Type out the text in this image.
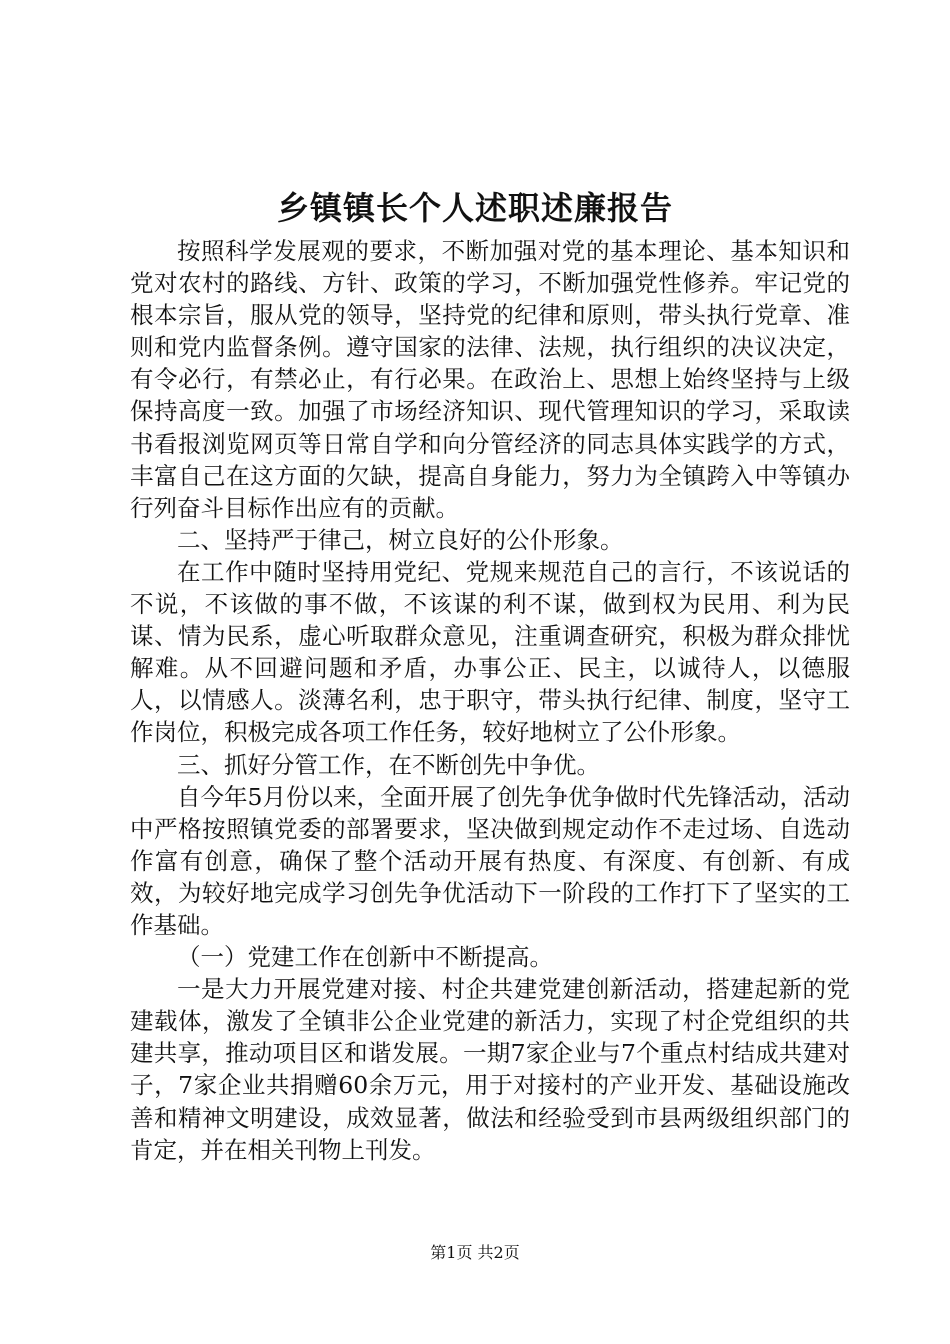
乡镇镇长个人述职述廉报告

按照科学发展观的要求，不断加强对党的基本理论、基本知识和党对农村的路线、方针、政策的学习，不断加强党性修养。牢记党的根本宗旨，服从党的领导，坚持党的纪律和原则，带头执行党章、准则和党内监督条例。遵守国家的法律、法规，执行组织的决议决定，有令必行，有禁必止，有行必果。在政治上、思想上始终坚持与上级保持高度一致。加强了市场经济知识、现代管理知识的学习，采取读书看报浏览网页等日常自学和向分管经济的同志具体实践学的方式，丰富自己在这方面的欠缺，提高自身能力，努力为全镇跨入中等镇办行列奋斗目标作出应有的贡献。

二、坚持严于律己，树立良好的公仆形象。

在工作中随时坚持用党纪、党规来规范自己的言行，不该说话的不说，不该做的事不做，不该谋的利不谋，做到权为民用、利为民谋、情为民系，虚心听取群众意见，注重调查研究，积极为群众排忧解难。从不回避问题和矛盾，办事公正、民主，以诚待人，以德服人，以情感人。淡薄名利，忠于职守，带头执行纪律、制度，坚守工作岗位，积极完成各项工作任务，较好地树立了公仆形象。

三、抓好分管工作，在不断创先中争优。

自今年5月份以来，全面开展了创先争优争做时代先锋活动，活动中严格按照镇党委的部署要求，坚决做到规定动作不走过场、自选动作富有创意，确保了整个活动开展有热度、有深度、有创新、有成效，为较好地完成学习创先争优活动下一阶段的工作打下了坚实的工作基础。

（一）党建工作在创新中不断提高。

一是大力开展党建对接、村企共建党建创新活动，搭建起新的党建载体，激发了全镇非公企业党建的新活力，实现了村企党组织的共建共享，推动项目区和谐发展。一期7家企业与7个重点村结成共建对子，7家企业共捐赠60余万元，用于对接村的产业开发、基础设施改善和精神文明建设，成效显著，做法和经验受到市县两级组织部门的肯定，并在相关刊物上刊发。

第1页 共2页
